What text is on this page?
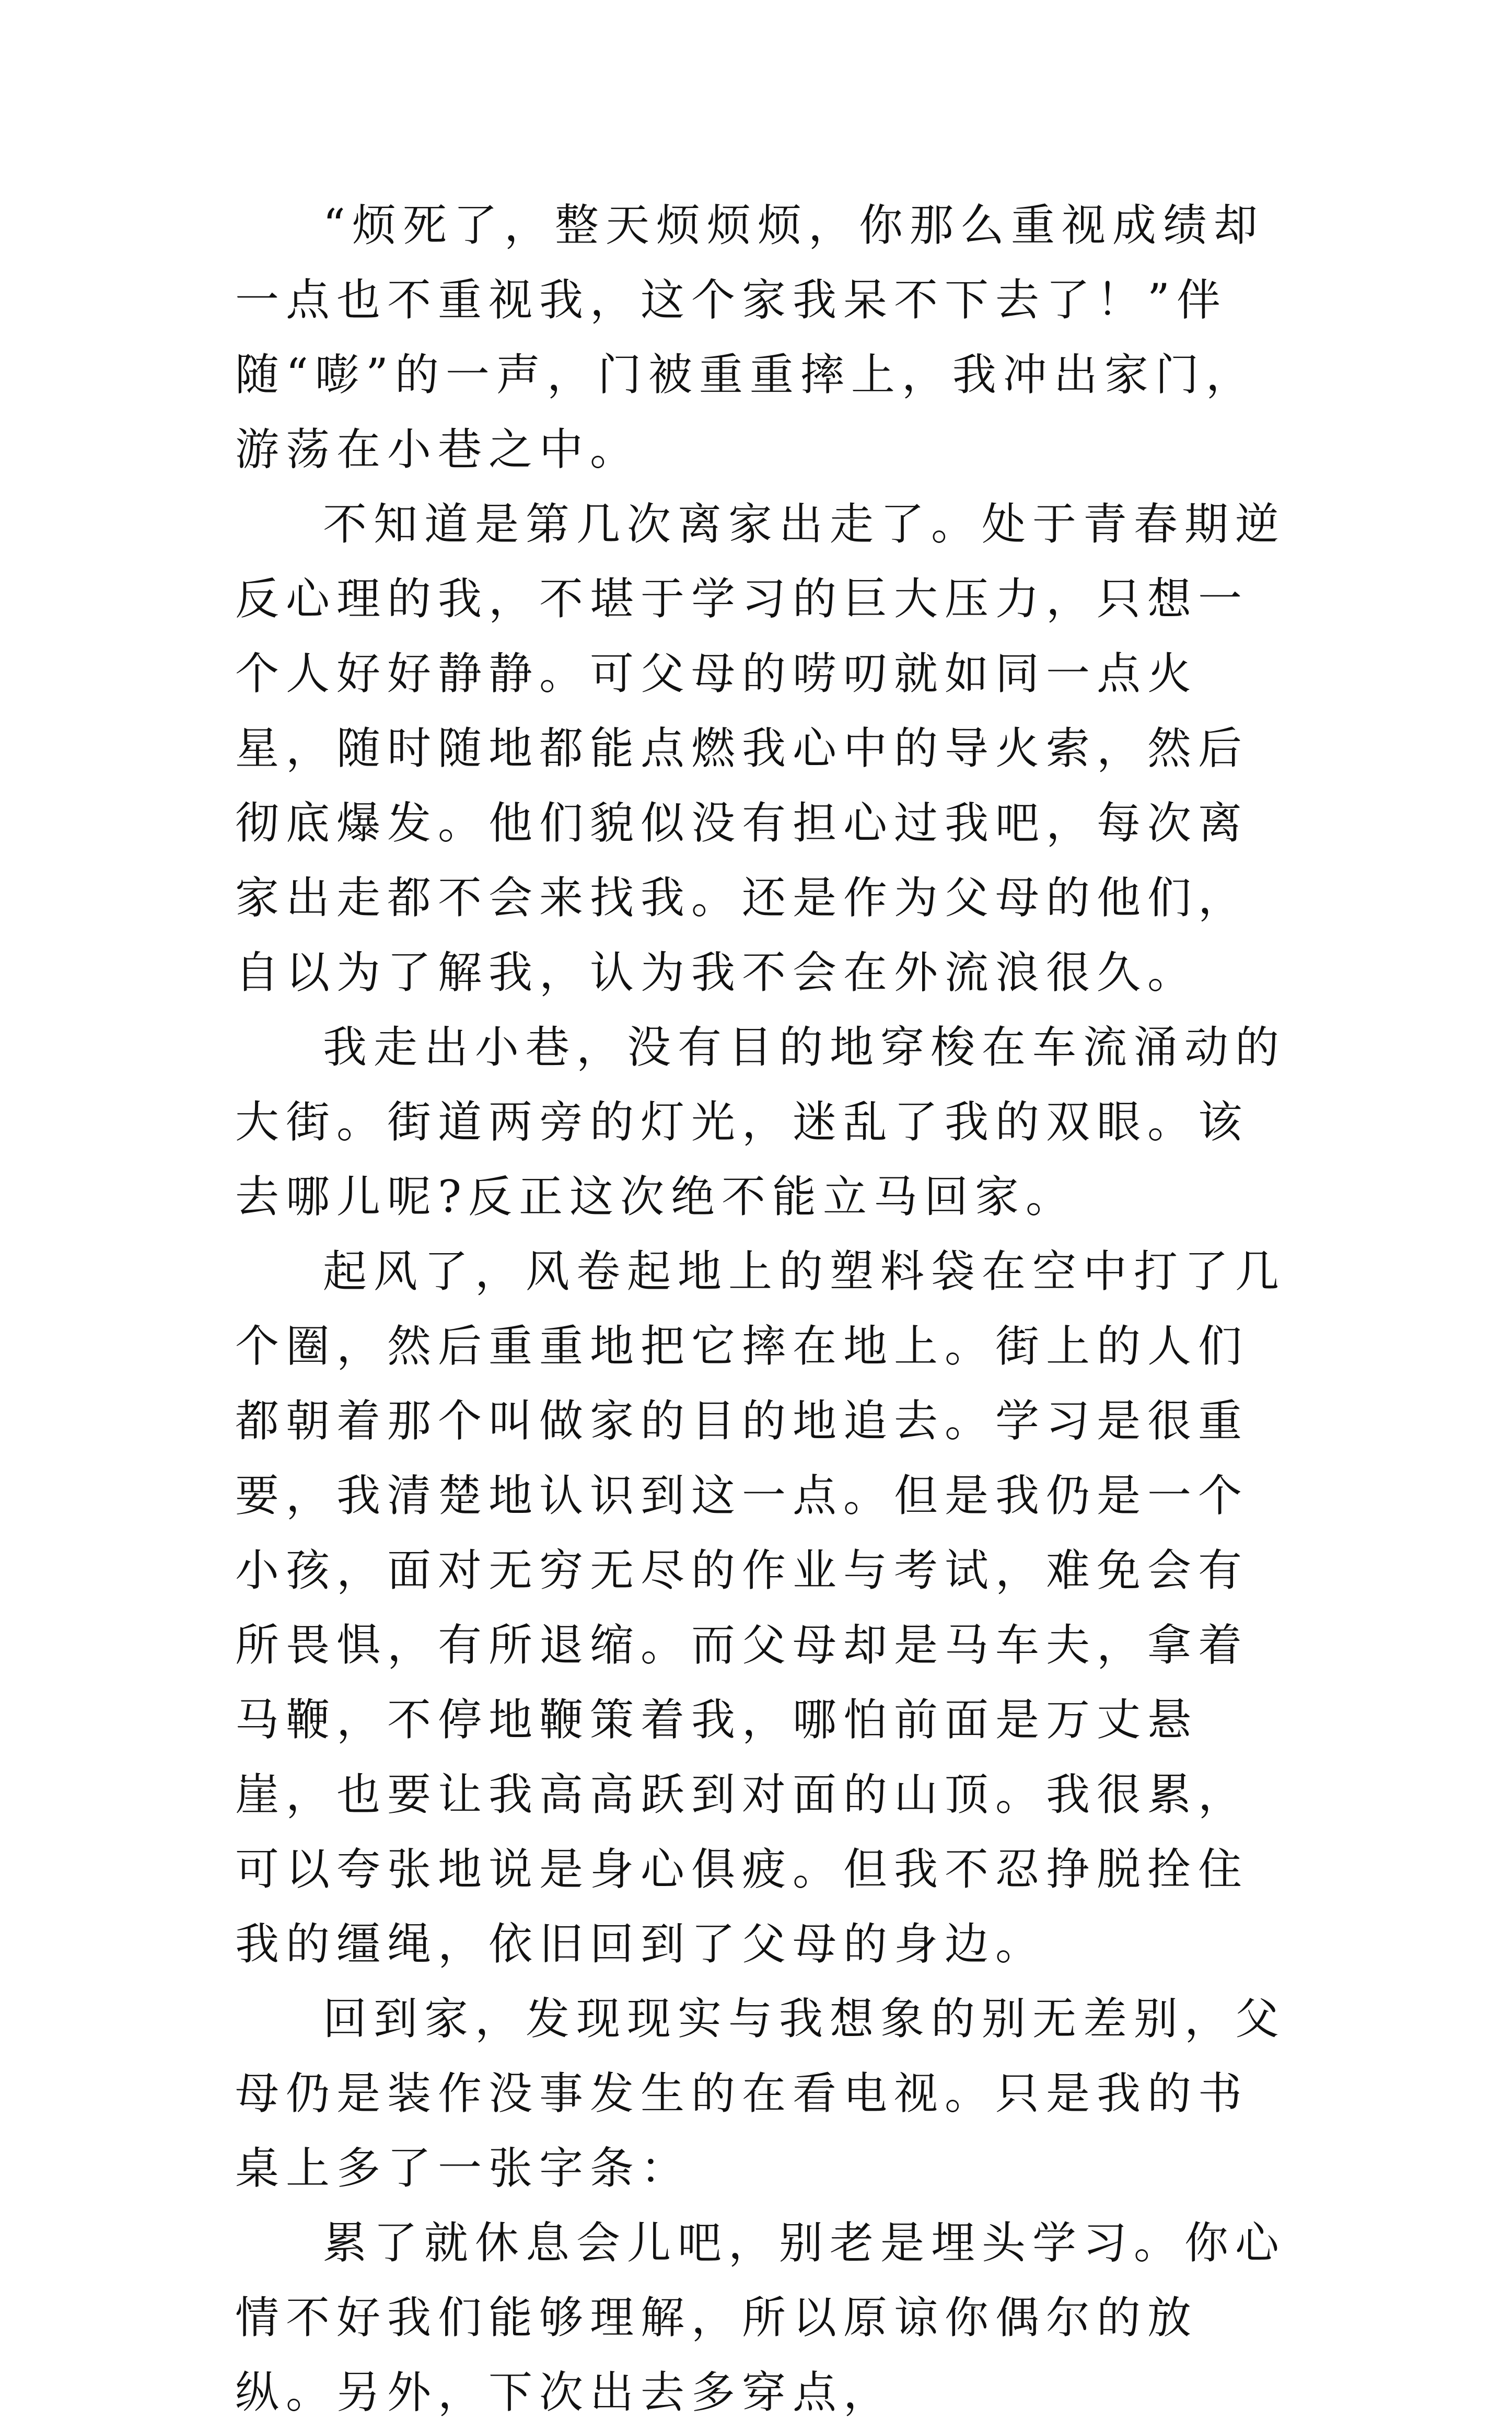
“烦死了，整天烦烦烦，你那么重视成绩却一点也不重视我，这个家我呆不下去了！”伴随“嘭”的一声，门被重重摔上，我冲出家门，游荡在小巷之中。

不知道是第几次离家出走了。处于青春期逆反心理的我，不堪于学习的巨大压力，只想一个人好好静静。可父母的唠叨就如同一点火星，随时随地都能点燃我心中的导火索，然后彻底爆发。他们貌似没有担心过我吧，每次离家出走都不会来找我。还是作为父母的他们，自以为了解我，认为我不会在外流浪很久。

我走出小巷，没有目的地穿梭在车流涌动的大街。街道两旁的灯光，迷乱了我的双眼。该去哪儿呢?反正这次绝不能立马回家。

起风了，风卷起地上的塑料袋在空中打了几个圈，然后重重地把它摔在地上。街上的人们都朝着那个叫做家的目的地追去。学习是很重要，我清楚地认识到这一点。但是我仍是一个小孩，面对无穷无尽的作业与考试，难免会有所畏惧，有所退缩。而父母却是马车夫，拿着马鞭，不停地鞭策着我，哪怕前面是万丈悬崖，也要让我高高跃到对面的山顶。我很累，可以夸张地说是身心俱疲。但我不忍挣脱拴住我的缰绳，依旧回到了父母的身边。

回到家，发现现实与我想象的别无差别，父母仍是装作没事发生的在看电视。只是我的书桌上多了一张字条：

累了就休息会儿吧，别老是埋头学习。你心情不好我们能够理解，所以原谅你偶尔的放纵。另外，下次出去多穿点，
